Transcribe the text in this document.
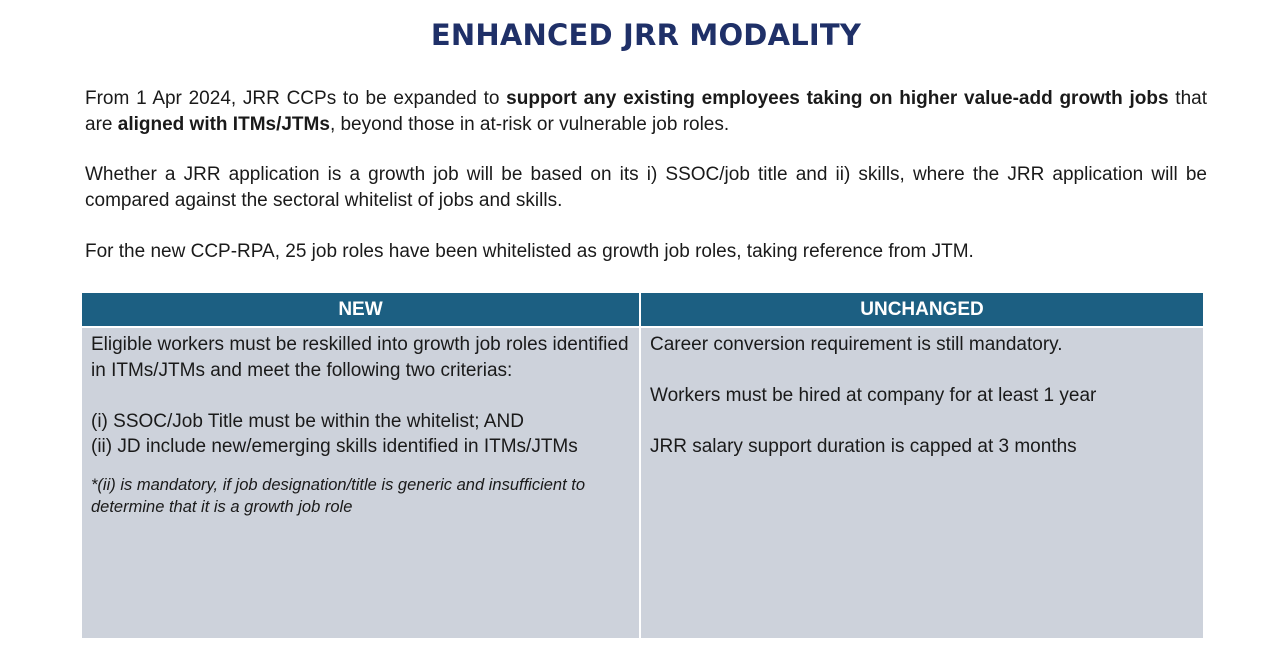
ENHANCED JRR MODALITY

From 1 Apr 2024, JRR CCPs to be expanded to support any existing employees taking on higher value-add growth jobs that are aligned with ITMs/JTMs, beyond those in at-risk or vulnerable job roles.

Whether a JRR application is a growth job will be based on its i) SSOC/job title and ii) skills, where the JRR application will be compared against the sectoral whitelist of jobs and skills.

For the new CCP-RPA, 25 job roles have been whitelisted as growth job roles, taking reference from JTM.

NEW	UNCHANGED

Eligible workers must be reskilled into growth job roles identified in ITMs/JTMs and meet the following two criterias:

(i) SSOC/Job Title must be within the whitelist; AND

(ii) JD include new/emerging skills identified in ITMs/JTMs

*(ii) is mandatory, if job designation/title is generic and insufficient to determine that it is a growth job role

Career conversion requirement is still mandatory.

Workers must be hired at company for at least 1 year

JRR salary support duration is capped at 3 months
